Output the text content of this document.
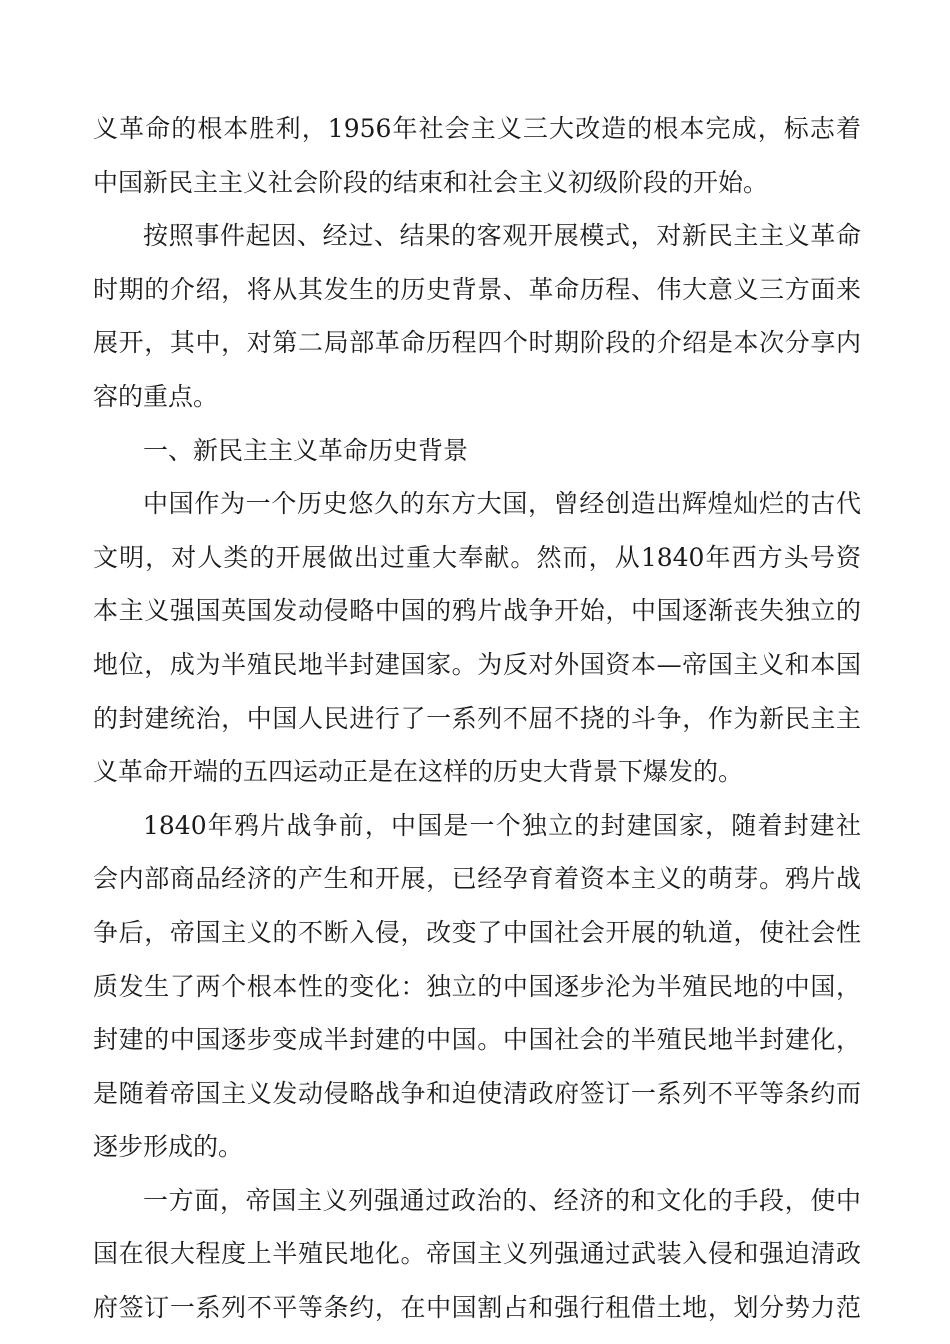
义革命的根本胜利，1956年社会主义三大改造的根本完成，标志着
中国新民主主义社会阶段的结束和社会主义初级阶段的开始。
按照事件起因、经过、结果的客观开展模式，对新民主主义革命
时期的介绍，将从其发生的历史背景、革命历程、伟大意义三方面来
展开，其中，对第二局部革命历程四个时期阶段的介绍是本次分享内
容的重点。
一、新民主主义革命历史背景
中国作为一个历史悠久的东方大国，曾经创造出辉煌灿烂的古代
文明，对人类的开展做出过重大奉献。然而，从1840年西方头号资
本主义强国英国发动侵略中国的鸦片战争开始，中国逐渐丧失独立的
地位，成为半殖民地半封建国家。为反对外国资本—帝国主义和本国
的封建统治，中国人民进行了一系列不屈不挠的斗争，作为新民主主
义革命开端的五四运动正是在这样的历史大背景下爆发的。
1840年鸦片战争前，中国是一个独立的封建国家，随着封建社
会内部商品经济的产生和开展，已经孕育着资本主义的萌芽。鸦片战
争后，帝国主义的不断入侵，改变了中国社会开展的轨道，使社会性
质发生了两个根本性的变化：独立的中国逐步沦为半殖民地的中国，
封建的中国逐步变成半封建的中国。中国社会的半殖民地半封建化，
是随着帝国主义发动侵略战争和迫使清政府签订一系列不平等条约而
逐步形成的。
一方面，帝国主义列强通过政治的、经济的和文化的手段，使中
国在很大程度上半殖民地化。帝国主义列强通过武装入侵和强迫清政
府签订一系列不平等条约，在中国割占和强行租借土地，划分势力范
